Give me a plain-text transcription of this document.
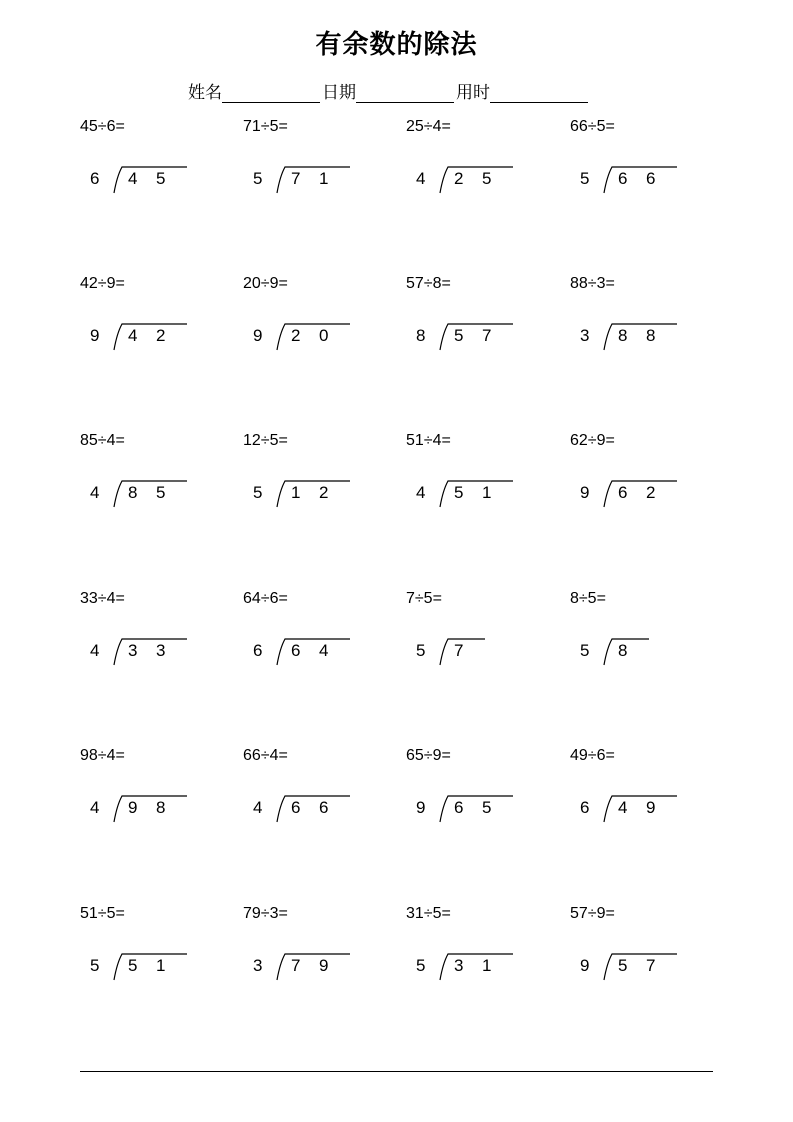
有余数的除法
姓名	日期	用时
45÷6=
6 4 5
71÷5=
5 7 1
25÷4=
4 2 5
66÷5=
5 6 6
42÷9=
9 4 2
20÷9=
9 2 0
57÷8=
8 5 7
88÷3=
3 8 8
85÷4=
4 8 5
12÷5=
5 1 2
51÷4=
4 5 1
62÷9=
9 6 2
33÷4=
4 3 3
64÷6=
6 6 4
7÷5=
5 7
8÷5=
5 8
98÷4=
4 9 8
66÷4=
4 6 6
65÷9=
9 6 5
49÷6=
6 4 9
51÷5=
5 5 1
79÷3=
3 7 9
31÷5=
5 3 1
57÷9=
9 5 7
